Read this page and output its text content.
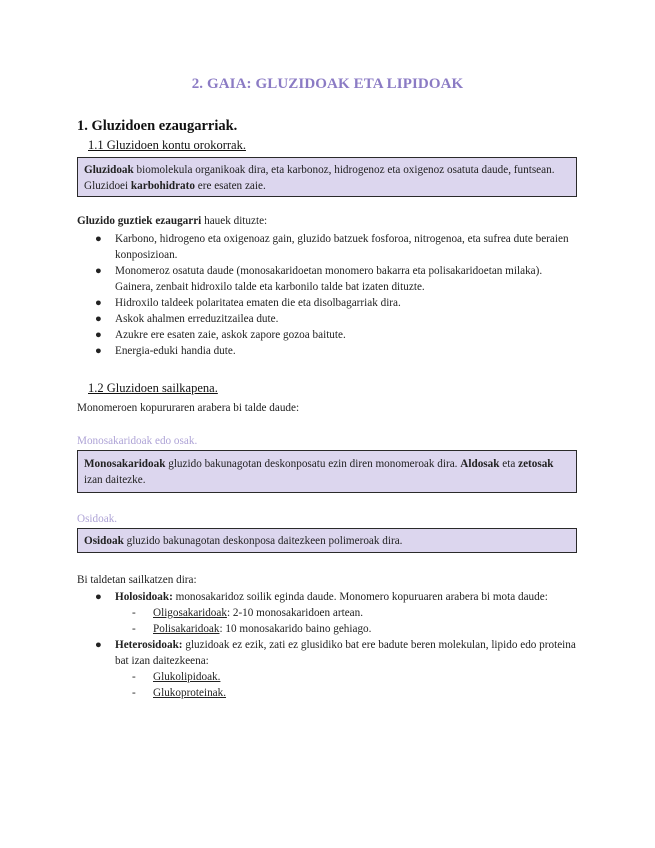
2. GAIA: GLUZIDOAK ETA LIPIDOAK
1. Gluzidoen ezaugarriak.
1.1 Gluzidoen kontu orokorrak.
Gluzidoak biomolekula organikoak dira, eta karbonoz, hidrogenoz eta oxigenoz osatuta daude, funtsean. Gluzidoei karbohidrato ere esaten zaie.
Gluzido guztiek ezaugarri hauek dituzte:
● Karbono, hidrogeno eta oxigenoaz gain, gluzido batzuek fosforoa, nitrogenoa, eta sufrea dute beraien konposizioan.
● Monomeroz osatuta daude (monosakaridoetan monomero bakarra eta polisakaridoetan milaka). Gainera, zenbait hidroxilo talde eta karbonilo talde bat izaten dituzte.
● Hidroxilo taldeek polaritatea ematen die eta disolbagarriak dira.
● Askok ahalmen erreduzitzailea dute.
● Azukre ere esaten zaie, askok zapore gozoa baitute.
● Energia-eduki handia dute.
1.2 Gluzidoen sailkapena.
Monomeroen kopururaren arabera bi talde daude:
Monosakaridoak edo osak.
Monosakaridoak gluzido bakunagotan deskonposatu ezin diren monomeroak dira. Aldosak eta zetosak izan daitezke.
Osidoak.
Osidoak gluzido bakunagotan deskonposa daitezkeen polimeroak dira.
Bi taldetan sailkatzen dira:
● Holosidoak: monosakaridoz soilik eginda daude. Monomero kopuruaren arabera bi mota daude:
- Oligosakaridoak: 2-10 monosakaridoen artean.
- Polisakaridoak: 10 monosakarido baino gehiago.
● Heterosidoak: gluzidoak ez ezik, zati ez glusidiko bat ere badute beren molekulan, lipido edo proteina bat izan daitezkeena:
- Glukolipidoak.
- Glukoproteinak.
